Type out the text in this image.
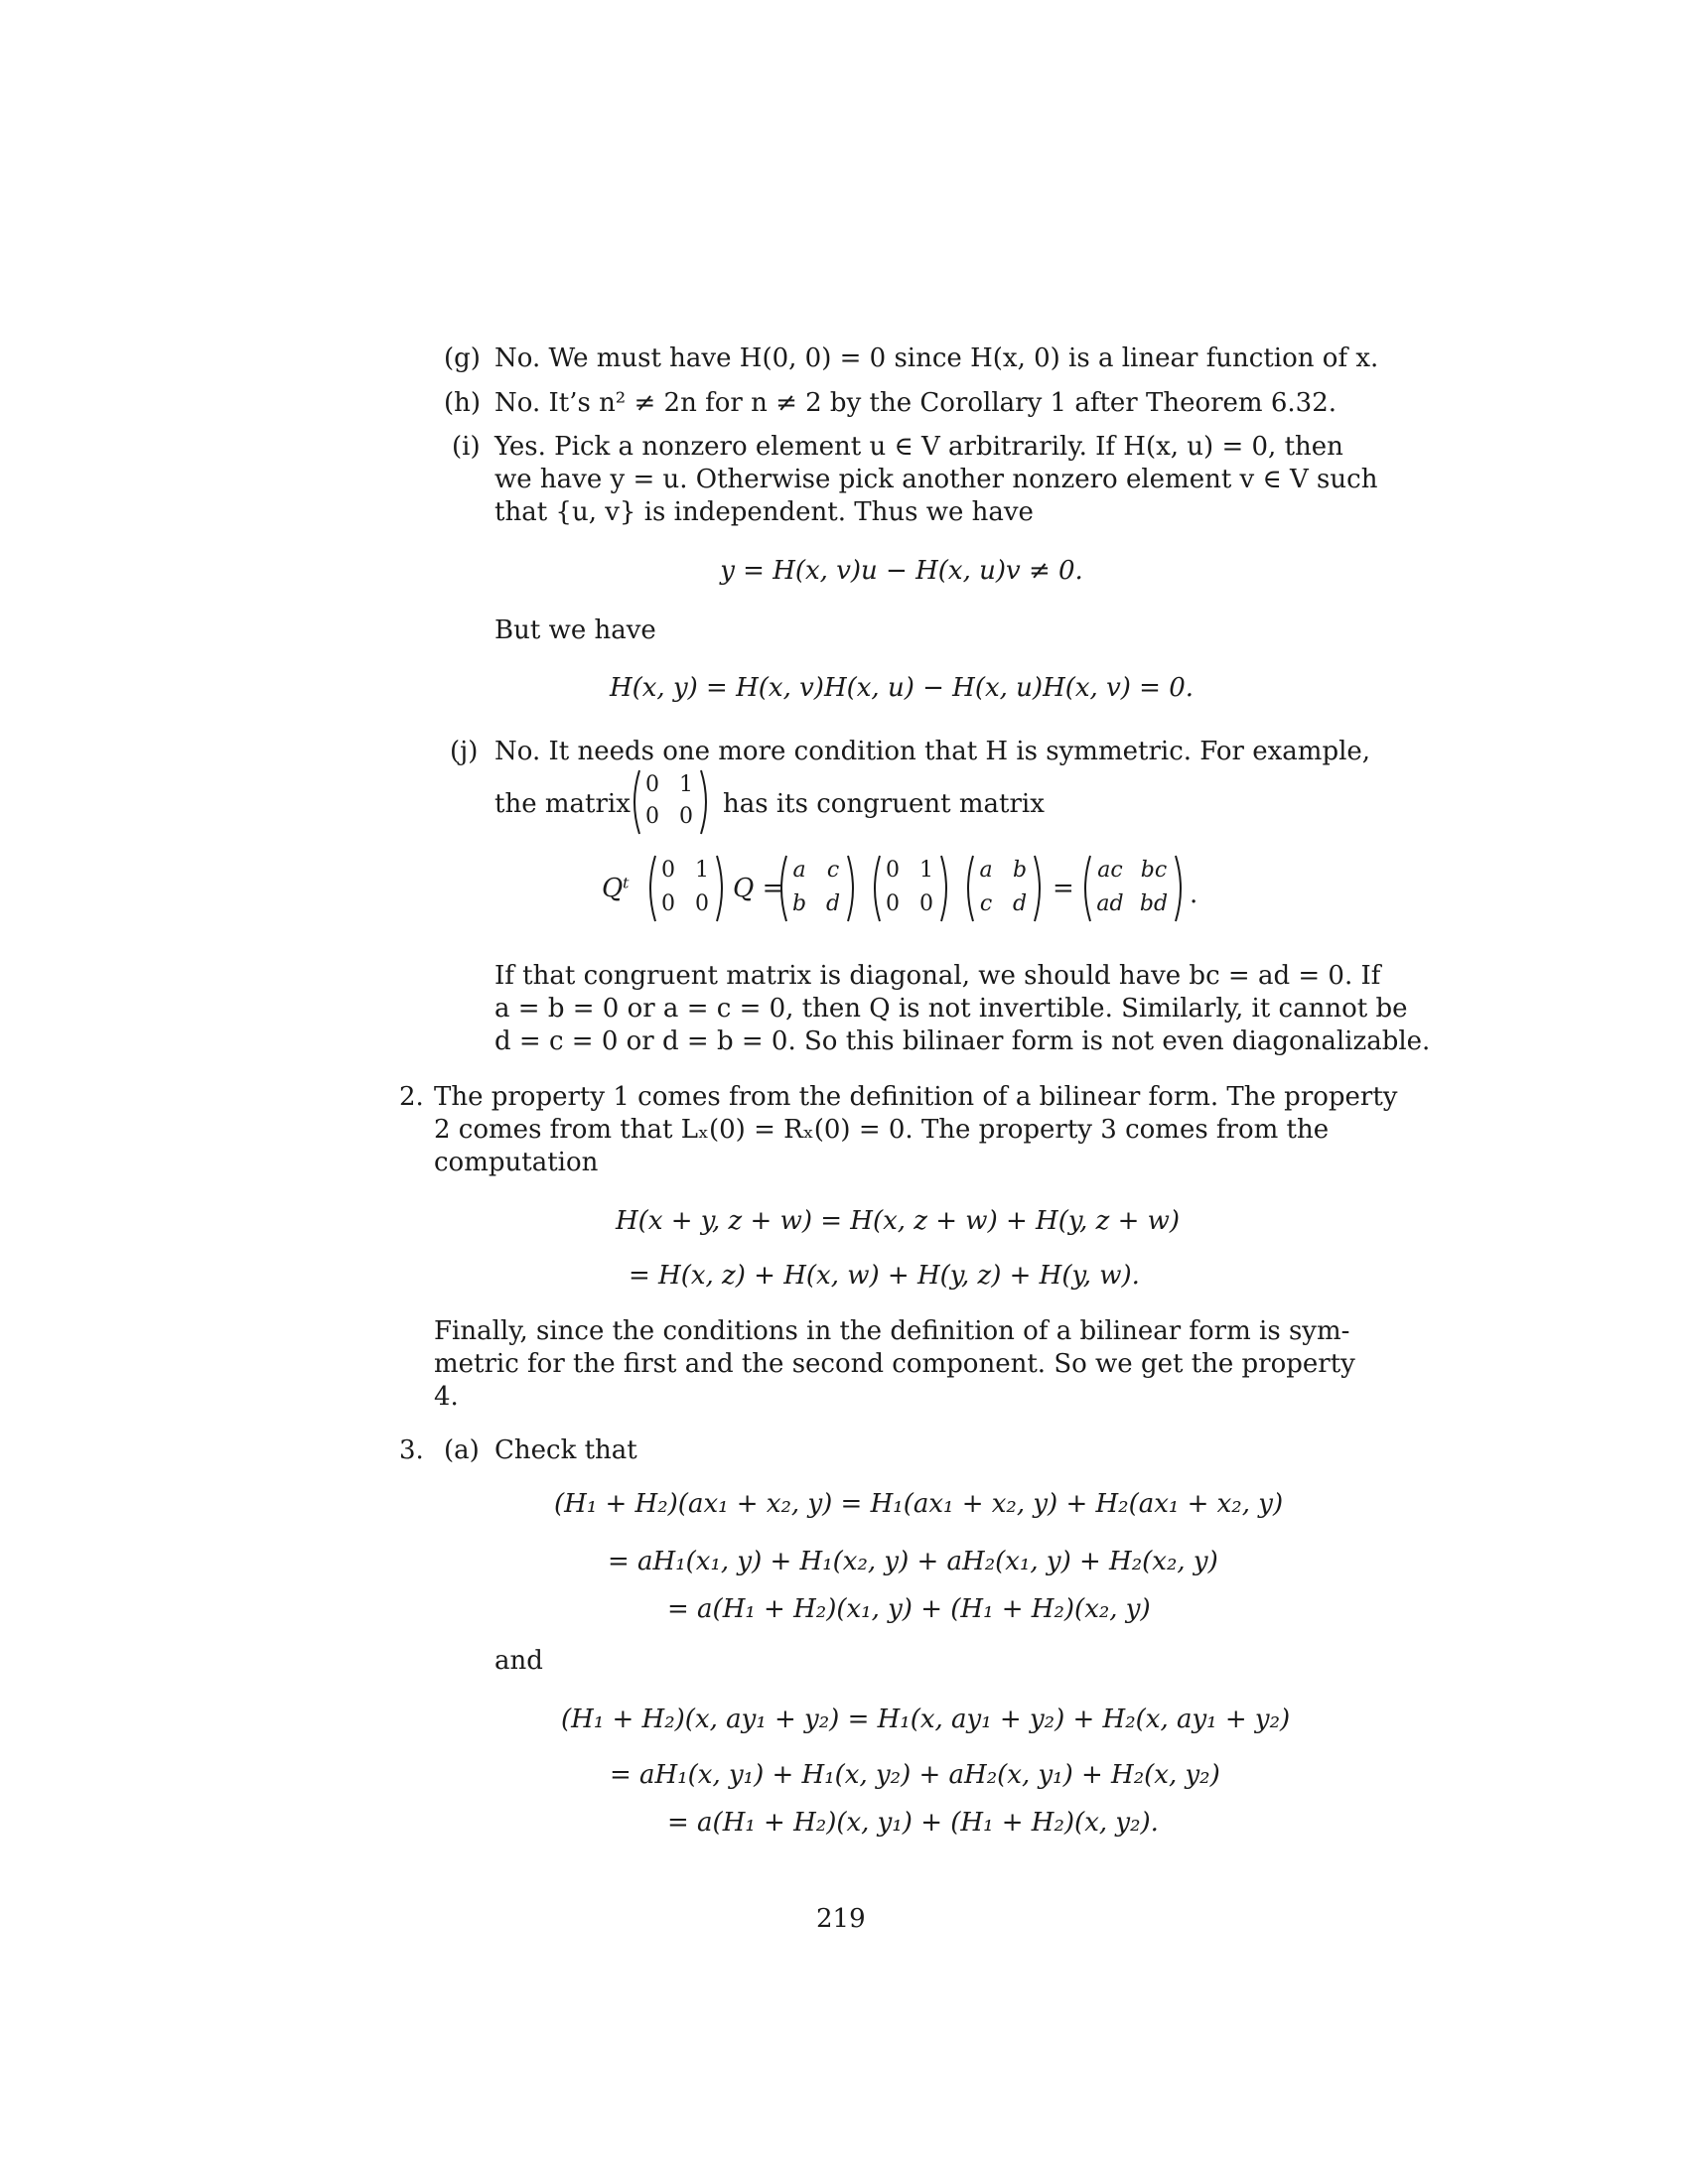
(g) No. We must have H(0, 0) = 0 since H(x, 0) is a linear function of x.
(h) No. It’s n² ≠ 2n for n ≠ 2 by the Corollary 1 after Theorem 6.32.
(i) Yes. Pick a nonzero element u ∈ V arbitrarily. If H(x, u) = 0, then
we have y = u. Otherwise pick another nonzero element v ∈ V such
that {u, v} is independent. Thus we have
y = H(x, v)u − H(x, u)v ≠ 0.
But we have
H(x, y) = H(x, v)H(x, u) − H(x, u)H(x, v) = 0.
(j) No. It needs one more condition that H is symmetric. For example,
the matrix
0 1
0 0	has its congruent matrix
Qᵗ
0 1
0 0
Q =
a c
b d
0 1
0 0
a b
c d
=
ac bc
ad bd .
If that congruent matrix is diagonal, we should have bc = ad = 0. If
a = b = 0 or a = c = 0, then Q is not invertible. Similarly, it cannot be
d = c = 0 or d = b = 0. So this bilinaer form is not even diagonalizable.
2. The property 1 comes from the definition of a bilinear form. The property
2 comes from that Lₓ(0) = Rₓ(0) = 0. The property 3 comes from the
computation
H(x + y, z + w) = H(x, z + w) + H(y, z + w)
= H(x, z) + H(x, w) + H(y, z) + H(y, w).
Finally, since the conditions in the definition of a bilinear form is sym-
metric for the first and the second component. So we get the property
4.
3. (a) Check that
(H₁ + H₂)(ax₁ + x₂, y) = H₁(ax₁ + x₂, y) + H₂(ax₁ + x₂, y)
= aH₁(x₁, y) + H₁(x₂, y) + aH₂(x₁, y) + H₂(x₂, y)
= a(H₁ + H₂)(x₁, y) + (H₁ + H₂)(x₂, y)
and
(H₁ + H₂)(x, ay₁ + y₂) = H₁(x, ay₁ + y₂) + H₂(x, ay₁ + y₂)
= aH₁(x, y₁) + H₁(x, y₂) + aH₂(x, y₁) + H₂(x, y₂)
= a(H₁ + H₂)(x, y₁) + (H₁ + H₂)(x, y₂).
219
